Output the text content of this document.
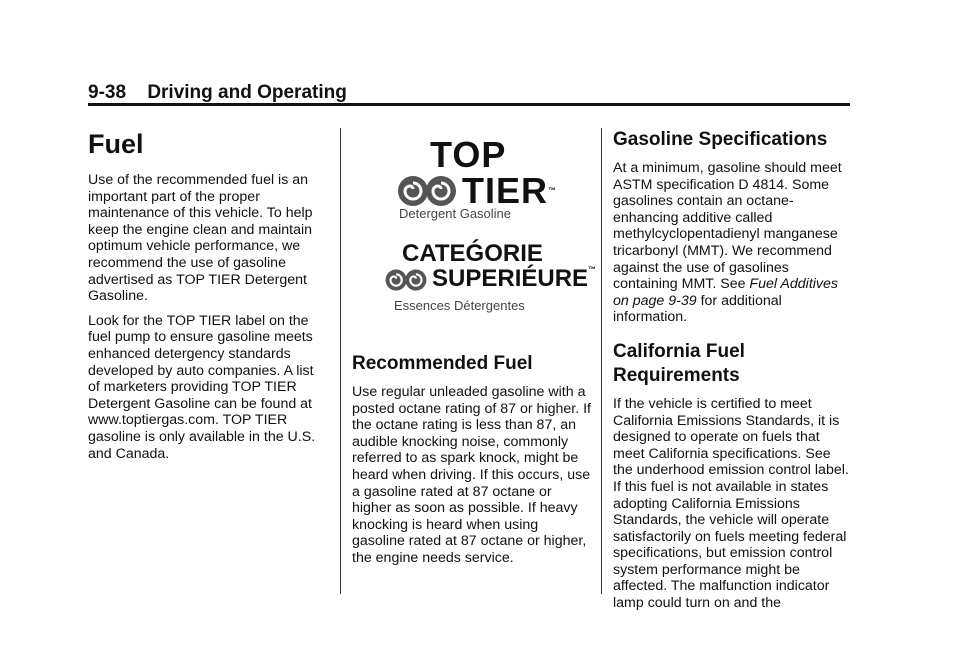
9-38 Driving and Operating
Fuel

Use of the recommended fuel is an important part of the proper maintenance of this vehicle. To help keep the engine clean and maintain optimum vehicle performance, we recommend the use of gasoline advertised as TOP TIER Detergent Gasoline.

Look for the TOP TIER label on the fuel pump to ensure gasoline meets enhanced detergency standards developed by auto companies. A list of marketers providing TOP TIER Detergent Gasoline can be found at www.toptiergas.com. TOP TIER gasoline is only available in the U.S. and Canada.

TOP
TIER™
Detergent Gasoline
CATEǴORIE
SUPERIÉURE™
Essences Détergentes
Recommended Fuel

Use regular unleaded gasoline with a posted octane rating of 87 or higher. If the octane rating is less than 87, an audible knocking noise, commonly referred to as spark knock, might be heard when driving. If this occurs, use a gasoline rated at 87 octane or higher as soon as possible. If heavy knocking is heard when using gasoline rated at 87 octane or higher, the engine needs service.

Gasoline Specifications

At a minimum, gasoline should meet ASTM specification D 4814. Some gasolines contain an octane-enhancing additive called methylcyclopentadienyl manganese tricarbonyl (MMT). We recommend against the use of gasolines containing MMT. See Fuel Additives on page 9‑39 for additional information.

California Fuel Requirements

If the vehicle is certified to meet California Emissions Standards, it is designed to operate on fuels that meet California specifications. See the underhood emission control label. If this fuel is not available in states adopting California Emissions Standards, the vehicle will operate satisfactorily on fuels meeting federal specifications, but emission control system performance might be affected. The malfunction indicator lamp could turn on and the
